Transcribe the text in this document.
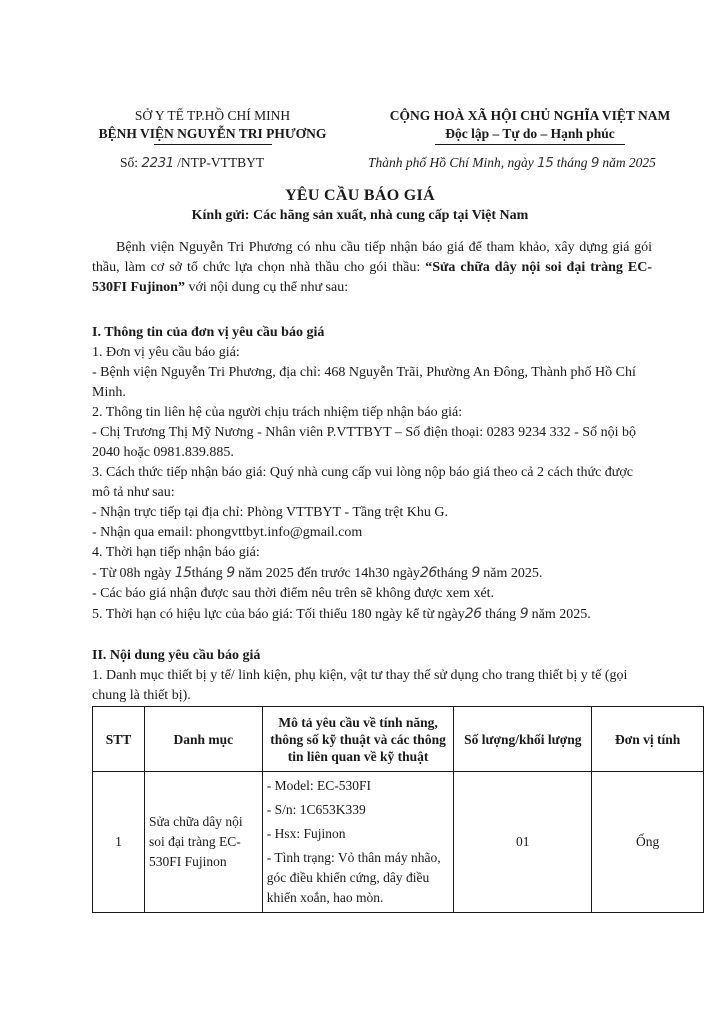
SỞ Y TẾ TP.HỒ CHÍ MINH
BỆNH VIỆN NGUYỄN TRI PHƯƠNG
CỘNG HOÀ XÃ HỘI CHỦ NGHĨA VIỆT NAM
Độc lập – Tự do – Hạnh phúc
Số: 2231 /NTP-VTTBYT	Thành phố Hồ Chí Minh, ngày 15 tháng 9 năm 2025
YÊU CẦU BÁO GIÁ
Kính gửi: Các hãng sản xuất, nhà cung cấp tại Việt Nam
Bệnh viện Nguyễn Tri Phương có nhu cầu tiếp nhận báo giá để tham khảo, xây dựng giá gói thầu, làm cơ sở tổ chức lựa chọn nhà thầu cho gói thầu: “Sửa chữa dây nội soi đại tràng EC-530FI Fujinon” với nội dung cụ thể như sau:

I. Thông tin của đơn vị yêu cầu báo giá

1. Đơn vị yêu cầu báo giá:

- Bệnh viện Nguyễn Tri Phương, địa chỉ: 468 Nguyễn Trãi, Phường An Đông, Thành phố Hồ Chí Minh.

2. Thông tin liên hệ của người chịu trách nhiệm tiếp nhận báo giá:

- Chị Trương Thị Mỹ Nương - Nhân viên P.VTTBYT – Số điện thoại: 0283 9234 332 - Số nội bộ 2040 hoặc 0981.839.885.

3. Cách thức tiếp nhận báo giá: Quý nhà cung cấp vui lòng nộp báo giá theo cả 2 cách thức được mô tả như sau:

- Nhận trực tiếp tại địa chỉ: Phòng VTTBYT - Tầng trệt Khu G.

- Nhận qua email: phongvttbyt.info@gmail.com

4. Thời hạn tiếp nhận báo giá:

- Từ 08h ngày 15tháng 9 năm 2025 đến trước 14h30 ngày26tháng 9 năm 2025.

- Các báo giá nhận được sau thời điểm nêu trên sẽ không được xem xét.

5. Thời hạn có hiệu lực của báo giá: Tối thiểu 180 ngày kể từ ngày26 tháng 9 năm 2025.

II. Nội dung yêu cầu báo giá

1. Danh mục thiết bị y tế/ linh kiện, phụ kiện, vật tư thay thế sử dụng cho trang thiết bị y tế (gọi chung là thiết bị).

STT	Danh mục	Mô tả yêu cầu về tính năng, thông số kỹ thuật và các thông tin liên quan về kỹ thuật	Số lượng/khối lượng	Đơn vị tính
1	Sửa chữa dây nội soi đại tràng EC-530FI Fujinon	- Model: EC-530FI
- S/n: 1C653K339
- Hsx: Fujinon
- Tình trạng: Vỏ thân máy nhão, góc điều khiển cứng, dây điều khiển xoắn, hao mòn.	01	Ống
